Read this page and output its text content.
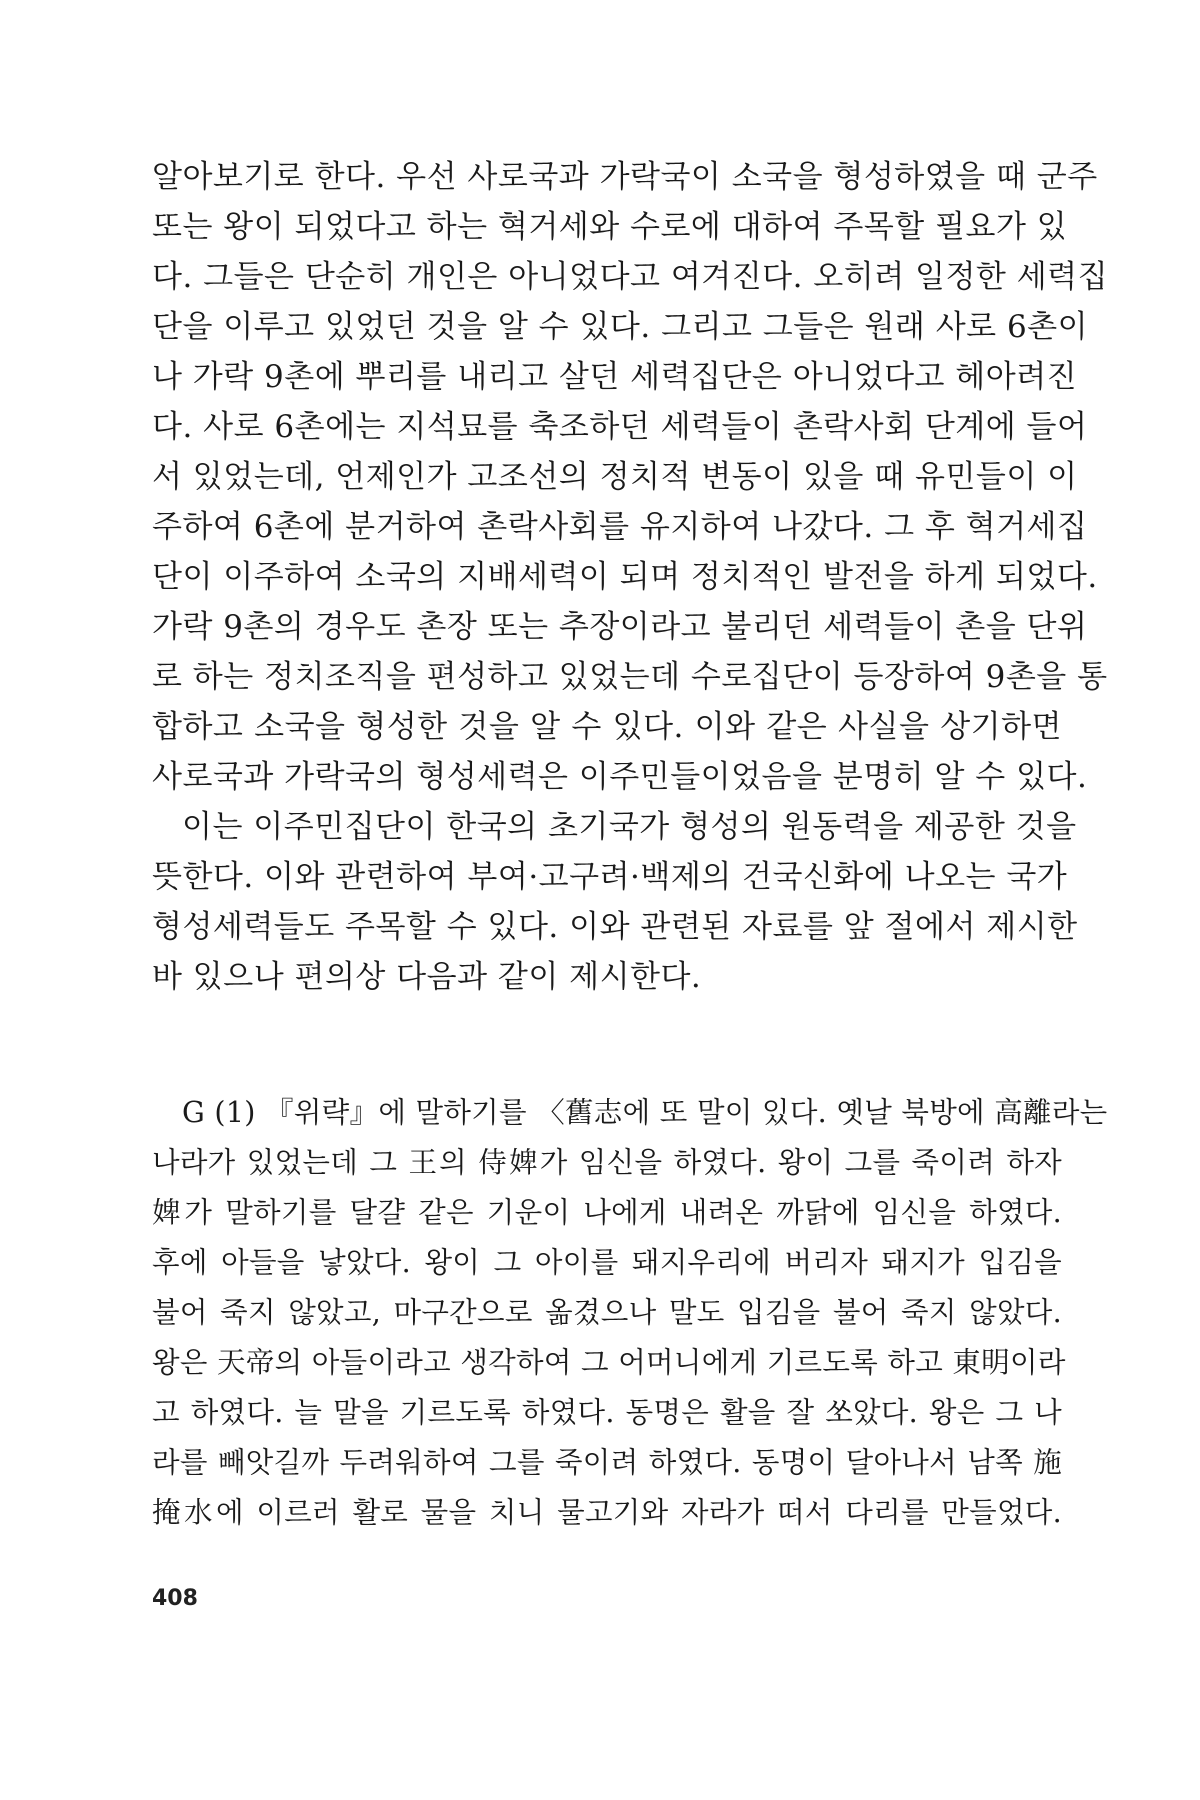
알아보기로 한다. 우선 사로국과 가락국이 소국을 형성하였을 때 군주
또는 왕이 되었다고 하는 혁거세와 수로에 대하여 주목할 필요가 있
다. 그들은 단순히 개인은 아니었다고 여겨진다. 오히려 일정한 세력집
단을 이루고 있었던 것을 알 수 있다. 그리고 그들은 원래 사로 6촌이
나 가락 9촌에 뿌리를 내리고 살던 세력집단은 아니었다고 헤아려진
다. 사로 6촌에는 지석묘를 축조하던 세력들이 촌락사회 단계에 들어
서 있었는데, 언제인가 고조선의 정치적 변동이 있을 때 유민들이 이
주하여 6촌에 분거하여 촌락사회를 유지하여 나갔다. 그 후 혁거세집
단이 이주하여 소국의 지배세력이 되며 정치적인 발전을 하게 되었다.
가락 9촌의 경우도 촌장 또는 추장이라고 불리던 세력들이 촌을 단위
로 하는 정치조직을 편성하고 있었는데 수로집단이 등장하여 9촌을 통
합하고 소국을 형성한 것을 알 수 있다. 이와 같은 사실을 상기하면
사로국과 가락국의 형성세력은 이주민들이었음을 분명히 알 수 있다.
이는 이주민집단이 한국의 초기국가 형성의 원동력을 제공한 것을
뜻한다. 이와 관련하여 부여·고구려·백제의 건국신화에 나오는 국가
형성세력들도 주목할 수 있다. 이와 관련된 자료를 앞 절에서 제시한
바 있으나 편의상 다음과 같이 제시한다.
G (1) 『위략』에 말하기를 〈舊志에 또 말이 있다. 옛날 북방에 高離라는
나라가 있었는데 그 王의 侍婢가 임신을 하였다. 왕이 그를 죽이려 하자
婢가 말하기를 달걀 같은 기운이 나에게 내려온 까닭에 임신을 하였다.
후에 아들을 낳았다. 왕이 그 아이를 돼지우리에 버리자 돼지가 입김을
불어 죽지 않았고, 마구간으로 옮겼으나 말도 입김을 불어 죽지 않았다.
왕은 天帝의 아들이라고 생각하여 그 어머니에게 기르도록 하고 東明이라
고 하였다. 늘 말을 기르도록 하였다. 동명은 활을 잘 쏘았다. 왕은 그 나
라를 빼앗길까 두려워하여 그를 죽이려 하였다. 동명이 달아나서 남쪽 施
掩水에 이르러 활로 물을 치니 물고기와 자라가 떠서 다리를 만들었다.
408
